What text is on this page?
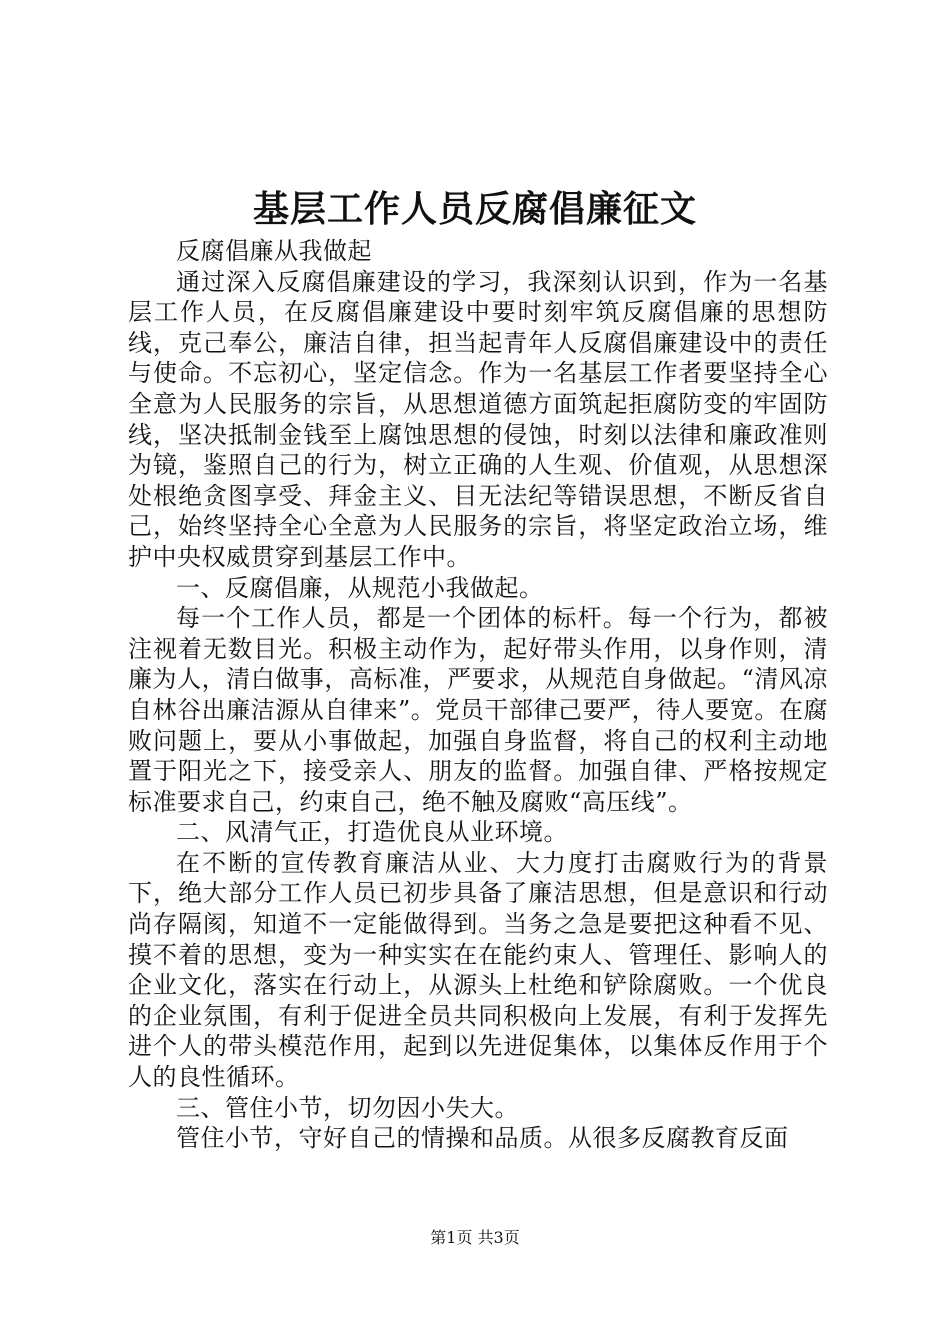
基层工作人员反腐倡廉征文

反腐倡廉从我做起

通过深入反腐倡廉建设的学习，我深刻认识到，作为一名基层工作人员，在反腐倡廉建设中要时刻牢筑反腐倡廉的思想防线，克己奉公，廉洁自律，担当起青年人反腐倡廉建设中的责任与使命。不忘初心，坚定信念。作为一名基层工作者要坚持全心全意为人民服务的宗旨，从思想道德方面筑起拒腐防变的牢固防线，坚决抵制金钱至上腐蚀思想的侵蚀，时刻以法律和廉政准则为镜，鉴照自己的行为，树立正确的人生观、价值观，从思想深处根绝贪图享受、拜金主义、目无法纪等错误思想，不断反省自己，始终坚持全心全意为人民服务的宗旨，将坚定政治立场，维护中央权威贯穿到基层工作中。

一、反腐倡廉，从规范小我做起。

每一个工作人员，都是一个团体的标杆。每一个行为，都被注视着无数目光。积极主动作为，起好带头作用，以身作则，清廉为人，清白做事，高标准，严要求，从规范自身做起。“清风凉自林谷出廉洁源从自律来”。党员干部律己要严，待人要宽。在腐败问题上，要从小事做起，加强自身监督，将自己的权利主动地置于阳光之下，接受亲人、朋友的监督。加强自律、严格按规定标准要求自己，约束自己，绝不触及腐败“高压线”。

二、风清气正，打造优良从业环境。

在不断的宣传教育廉洁从业、大力度打击腐败行为的背景下，绝大部分工作人员已初步具备了廉洁思想，但是意识和行动尚存隔阂，知道不一定能做得到。当务之急是要把这种看不见、摸不着的思想，变为一种实实在在能约束人、管理任、影响人的企业文化，落实在行动上，从源头上杜绝和铲除腐败。一个优良的企业氛围，有利于促进全员共同积极向上发展，有利于发挥先进个人的带头模范作用，起到以先进促集体，以集体反作用于个人的良性循环。

三、管住小节，切勿因小失大。

管住小节，守好自己的情操和品质。从很多反腐教育反面

第1页 共3页
